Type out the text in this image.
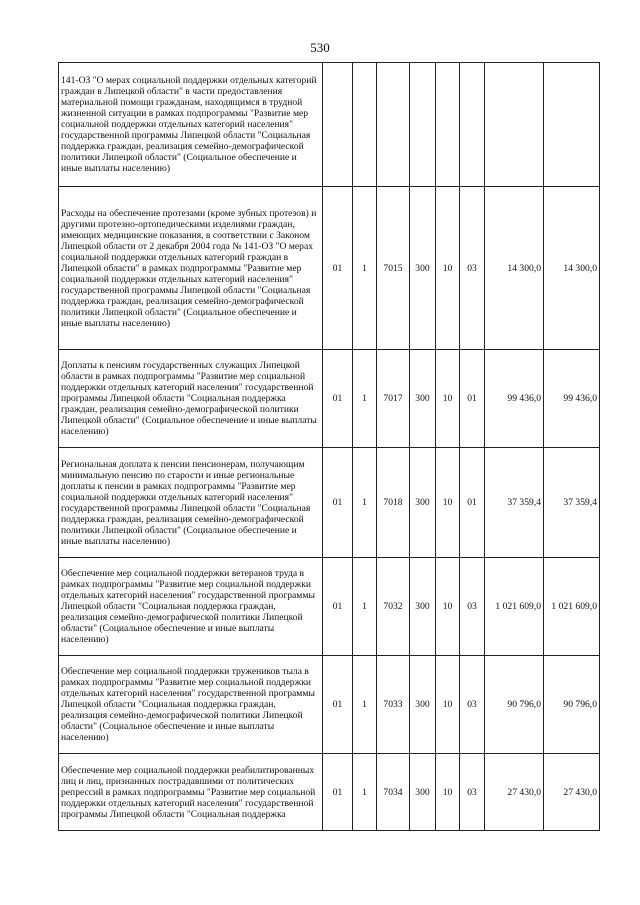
530
141-ОЗ "О мерах социальной поддержки отдельных категорий граждан в Липецкой области" в части предоставления материальной помощи гражданам, находящимся в трудной жизненной ситуации в рамках подпрограммы "Развитие мер социальной поддержки отдельных категорий населения" государственной программы Липецкой области "Социальная поддержка граждан, реализация семейно-демографической политики Липецкой области" (Социальное обеспечение и иные выплаты населению)								
Расходы на обеспечение протезами (кроме зубных протезов) и другими протезно-ортопедическими изделиями граждан, имеющих медицинские показания, в соответствии с Законом Липецкой области от 2 декабря 2004 года № 141-ОЗ "О мерах социальной поддержки отдельных категорий граждан в Липецкой области" в рамках подпрограммы "Развитие мер социальной поддержки отдельных категорий населения" государственной программы Липецкой области "Социальная поддержка граждан, реализация семейно-демографической политики Липецкой области" (Социальное обеспечение и иные выплаты населению)	01	1	7015	300	10	03	14 300,0	14 300,0
Доплаты к пенсиям государственных служащих Липецкой области в рамках подпрограммы "Развитие мер социальной поддержки отдельных категорий населения" государственной программы Липецкой области "Социальная поддержка граждан, реализация семейно-демографической политики Липецкой области" (Социальное обеспечение и иные выплаты населению)	01	1	7017	300	10	01	99 436,0	99 436,0
Региональная доплата к пенсии пенсионерам, получающим минимальную пенсию по старости и иные региональные доплаты к пенсии в рамках подпрограммы "Развитие мер социальной поддержки отдельных категорий населения" государственной программы Липецкой области "Социальная поддержка граждан, реализация семейно-демографической политики Липецкой области" (Социальное обеспечение и иные выплаты населению)	01	1	7018	300	10	01	37 359,4	37 359,4
Обеспечение мер социальной поддержки ветеранов труда в рамках подпрограммы "Развитие мер социальной поддержки отдельных категорий населения" государственной программы Липецкой области "Социальная поддержка граждан, реализация семейно-демографической политики Липецкой области" (Социальное обеспечение и иные выплаты населению)	01	1	7032	300	10	03	1 021 609,0	1 021 609,0
Обеспечение мер социальной поддержки тружеников тыла в рамках подпрограммы "Развитие мер социальной поддержки отдельных категорий населения" государственной программы Липецкой области "Социальная поддержка граждан, реализация семейно-демографической политики Липецкой области" (Социальное обеспечение и иные выплаты населению)	01	1	7033	300	10	03	90 796,0	90 796,0
Обеспечение мер социальной поддержки реабилитированных лиц и лиц, признанных пострадавшими от политических репрессий в рамках подпрограммы "Развитие мер социальной поддержки отдельных категорий населения" государственной программы Липецкой области "Социальная поддержка	01	1	7034	300	10	03	27 430,0	27 430,0
